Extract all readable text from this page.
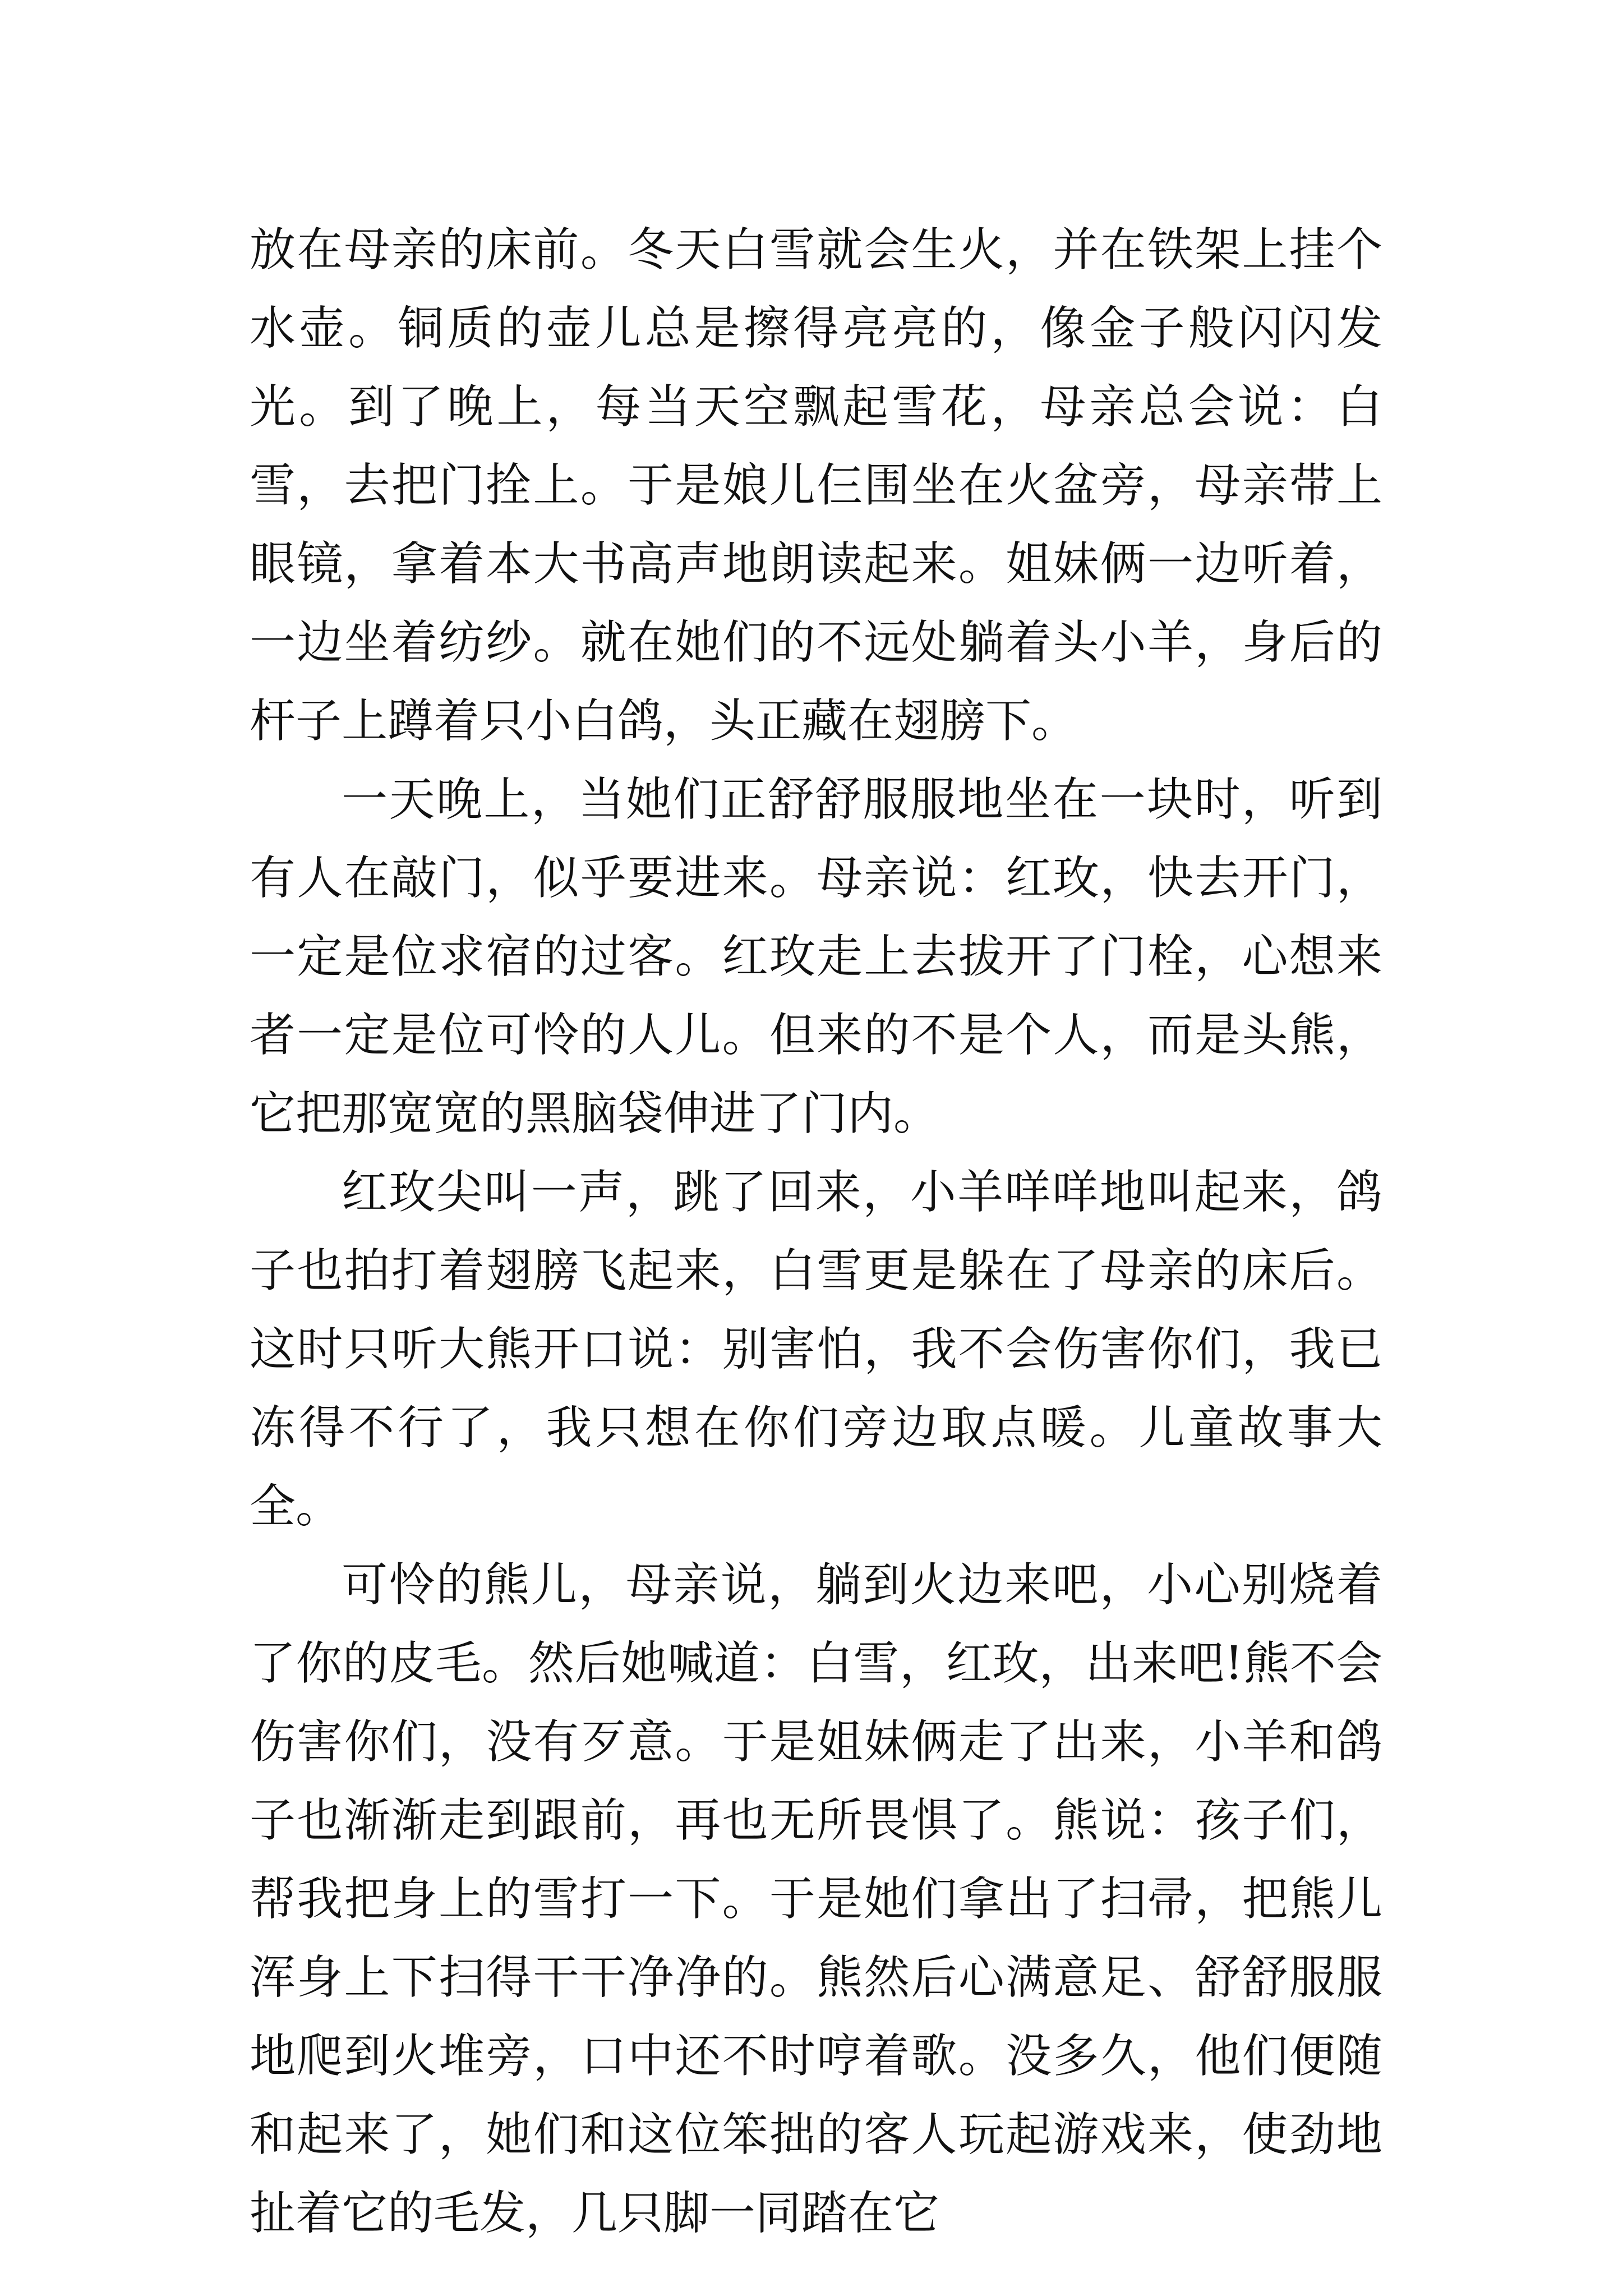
放在母亲的床前。冬天白雪就会生火，并在铁架上挂个水壶。铜质的壶儿总是擦得亮亮的，像金子般闪闪发光。到了晚上，每当天空飘起雪花，母亲总会说：白雪，去把门拴上。于是娘儿仨围坐在火盆旁，母亲带上眼镜，拿着本大书高声地朗读起来。姐妹俩一边听着，一边坐着纺纱。就在她们的不远处躺着头小羊，身后的杆子上蹲着只小白鸽，头正藏在翅膀下。

一天晚上，当她们正舒舒服服地坐在一块时，听到有人在敲门，似乎要进来。母亲说：红玫，快去开门，一定是位求宿的过客。红玫走上去拔开了门栓，心想来者一定是位可怜的人儿。但来的不是个人，而是头熊，它把那宽宽的黑脑袋伸进了门内。

红玫尖叫一声，跳了回来，小羊咩咩地叫起来，鸽子也拍打着翅膀飞起来，白雪更是躲在了母亲的床后。这时只听大熊开口说：别害怕，我不会伤害你们，我已冻得不行了，我只想在你们旁边取点暖。儿童故事大全。

可怜的熊儿，母亲说，躺到火边来吧，小心别烧着了你的皮毛。然后她喊道：白雪，红玫，出来吧!熊不会伤害你们，没有歹意。于是姐妹俩走了出来，小羊和鸽子也渐渐走到跟前，再也无所畏惧了。熊说：孩子们，帮我把身上的雪打一下。于是她们拿出了扫帚，把熊儿浑身上下扫得干干净净的。熊然后心满意足、舒舒服服地爬到火堆旁，口中还不时哼着歌。没多久，他们便随和起来了，她们和这位笨拙的客人玩起游戏来，使劲地扯着它的毛发，几只脚一同踏在它
